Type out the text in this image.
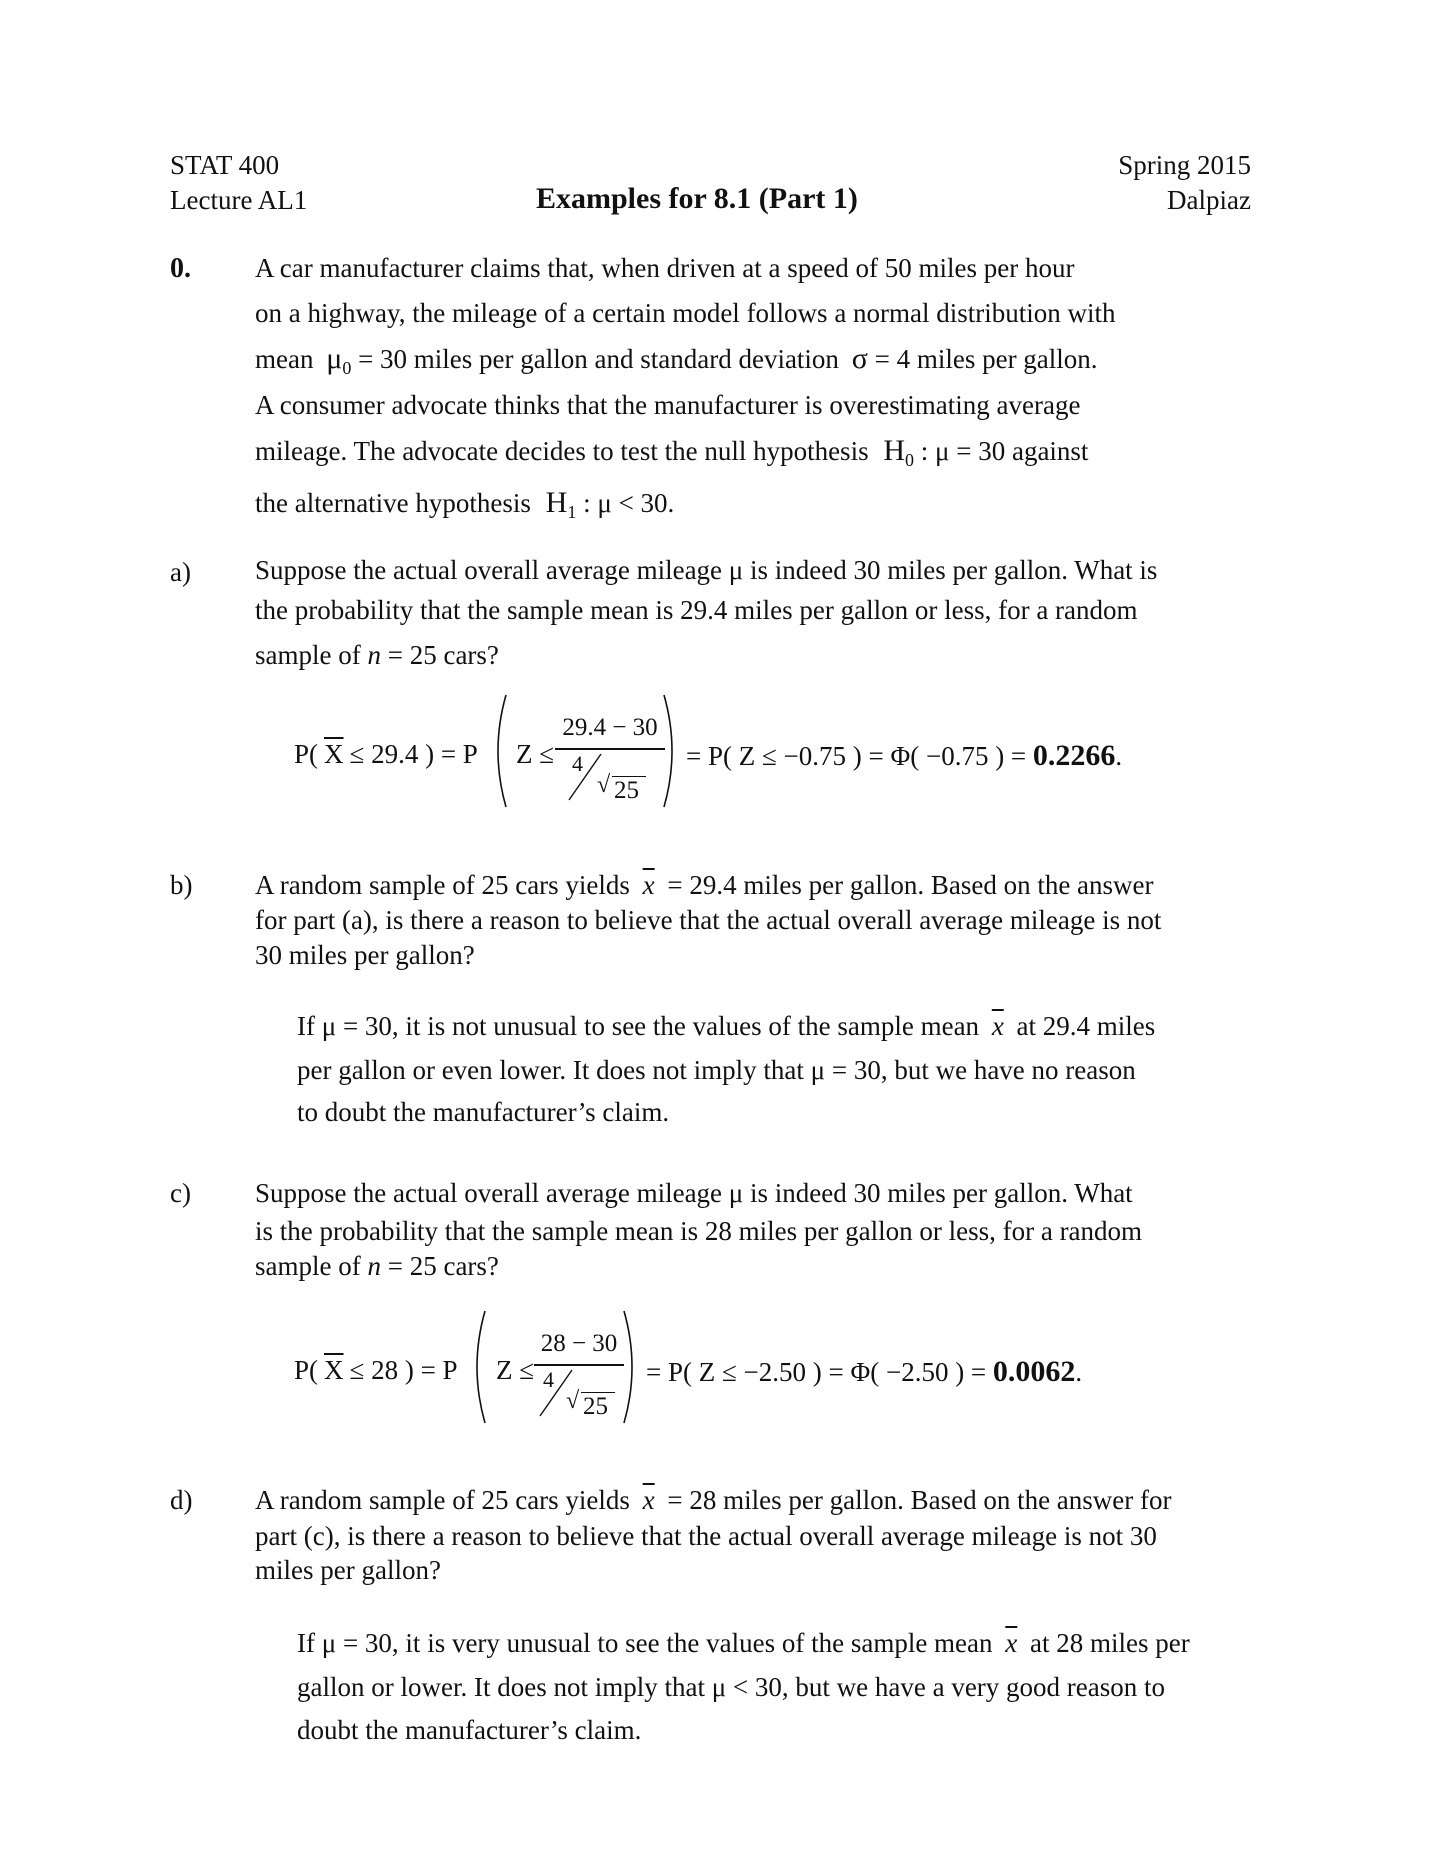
STAT 400
Lecture AL1	Examples for 8.1 (Part 1)
Spring 2015
Dalpiaz
0. A car manufacturer claims that, when driven at a speed of 50 miles per hour
on a highway, the mileage of a certain model follows a normal distribution with
mean $\mu_0 = 30$ miles per gallon and standard deviation σ = 4 miles per gallon.
A consumer advocate thinks that the manufacturer is overestimating average
mileage. The advocate decides to test the null hypothesis $H_0$ : μ = 30 against
the alternative hypothesis $H_1$ : μ < 30.
a) Suppose the actual overall average mileage μ is indeed 30 miles per gallon. What is
the probability that the sample mean is 29.4 miles per gallon or less, for a random
sample of n = 25 cars?
P( $\overline{X} \le 29.4$ ) = P Z ≤
29.4 − 30
4
√ 25
= P( Z ≤ −0.75 ) = Φ( −0.75 ) = 0.2266.
b) A random sample of 25 cars yields $\overline{x} = 29.4$ miles per gallon. Based on the answer
for part (a), is there a reason to believe that the actual overall average mileage is not
30 miles per gallon?
If μ = 30, it is not unusual to see the values of the sample mean $\overline{x}$ at 29.4 miles
per gallon or even lower. It does not imply that μ = 30, but we have no reason
to doubt the manufacturer’s claim.
c) Suppose the actual overall average mileage μ is indeed 30 miles per gallon. What
is the probability that the sample mean is 28 miles per gallon or less, for a random
sample of n = 25 cars?
P( $\overline{X} \le 28$ ) = P Z ≤
28 − 30
4
√ 25
= P( Z ≤ −2.50 ) = Φ( −2.50 ) = 0.0062.
d) A random sample of 25 cars yields $\overline{x} = 28$ miles per gallon. Based on the answer for
part (c), is there a reason to believe that the actual overall average mileage is not 30
miles per gallon?
If μ = 30, it is very unusual to see the values of the sample mean $\overline{x}$ at 28 miles per
gallon or lower. It does not imply that μ < 30, but we have a very good reason to
doubt the manufacturer’s claim.
